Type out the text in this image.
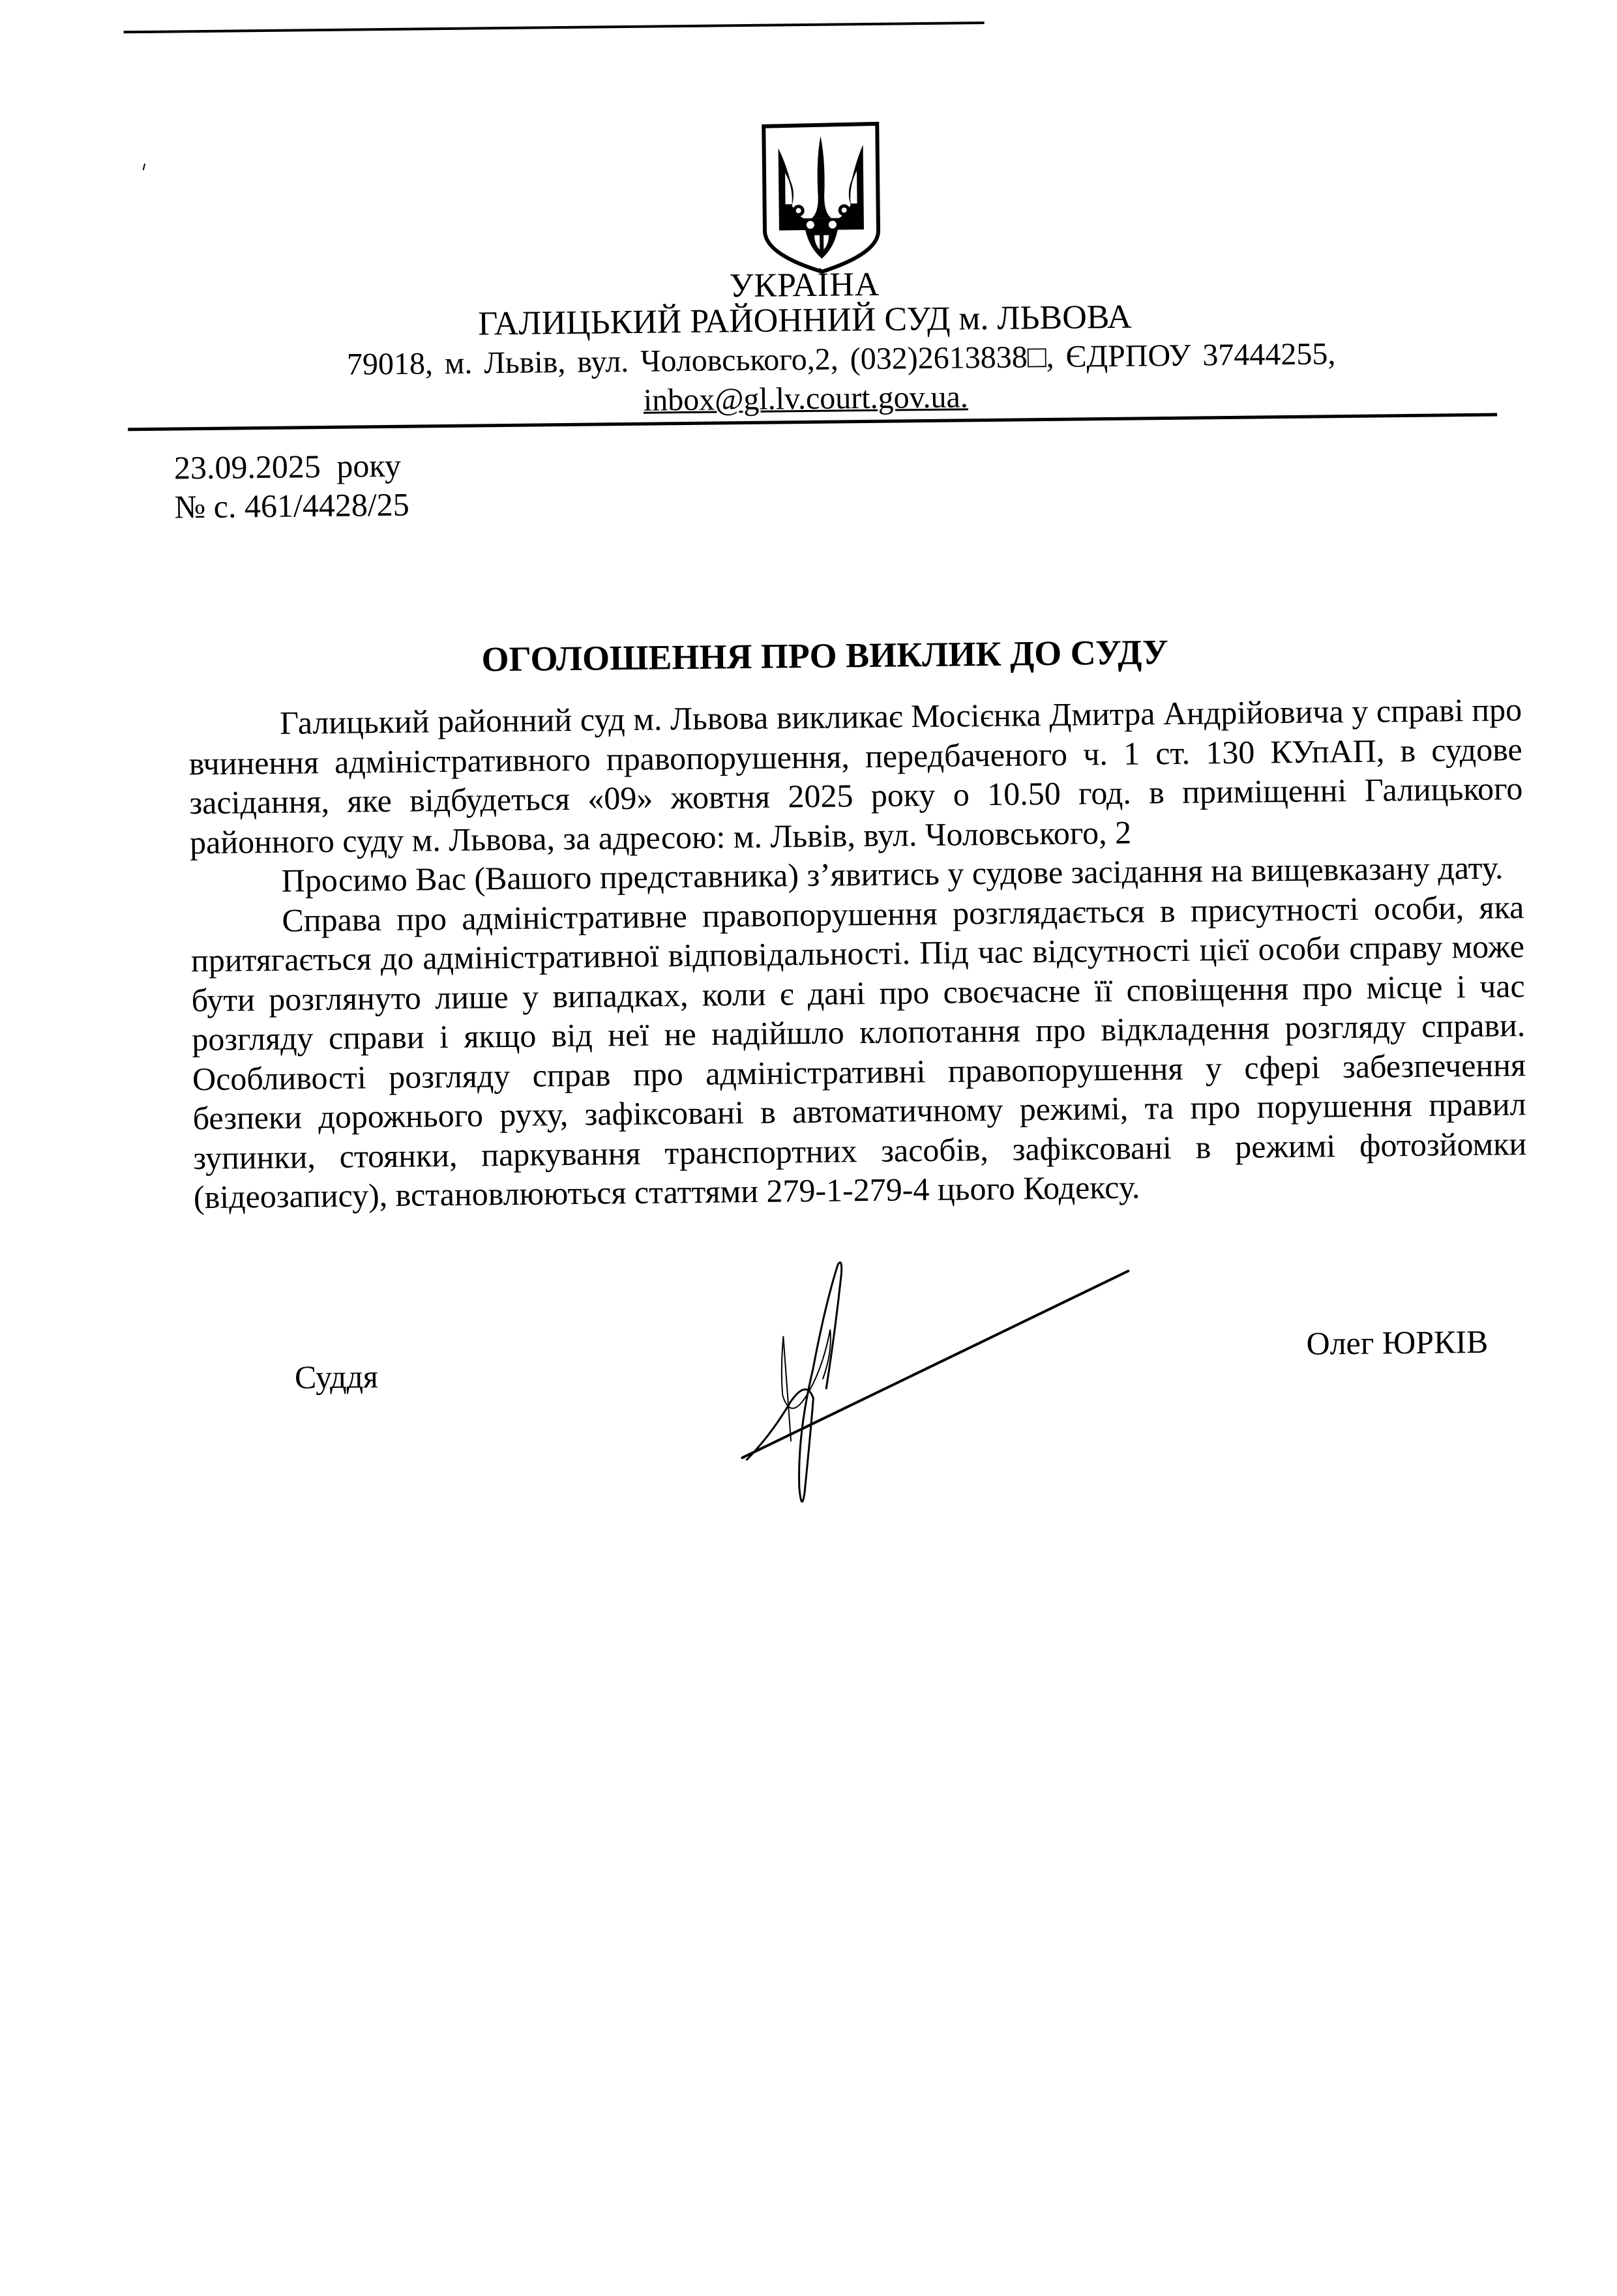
УКРАЇНА
ГАЛИЦЬКИЙ РАЙОННИЙ СУД м. ЛЬВОВА
79018, м. Львів, вул. Чоловського,2, (032)2613838□, ЄДРПОУ 37444255,
inbox@gl.lv.court.gov.ua.
23.09.2025 року
№ с. 461/4428/25
ОГОЛОШЕННЯ ПРО ВИКЛИК ДО СУДУ

Галицький районний суд м. Львова викликає Мосієнка Дмитра Андрійовича у справі про вчинення адміністративного правопорушення, передбаченого ч. 1 ст. 130 КУпАП, в судове засідання, яке відбудеться «09» жовтня 2025 року о 10.50 год. в приміщенні Галицького районного суду м. Львова, за адресою: м. Львів, вул. Чоловського, 2

Просимо Вас (Вашого представника) з’явитись у судове засідання на вищевказану дату.

Справа про адміністративне правопорушення розглядається в присутності особи, яка притягається до адміністративної відповідальності. Під час відсутності цієї особи справу може бути розглянуто лише у випадках, коли є дані про своєчасне її сповіщення про місце і час розгляду справи і якщо від неї не надійшло клопотання про відкладення розгляду справи. Особливості розгляду справ про адміністративні правопорушення у сфері забезпечення безпеки дорожнього руху, зафіксовані в автоматичному режимі, та про порушення правил зупинки, стоянки, паркування транспортних засобів, зафіксовані в режимі фотозйомки (відеозапису), встановлюються статтями 279-1-279-4 цього Кодексу.

Суддя
Олег ЮРКІВ
